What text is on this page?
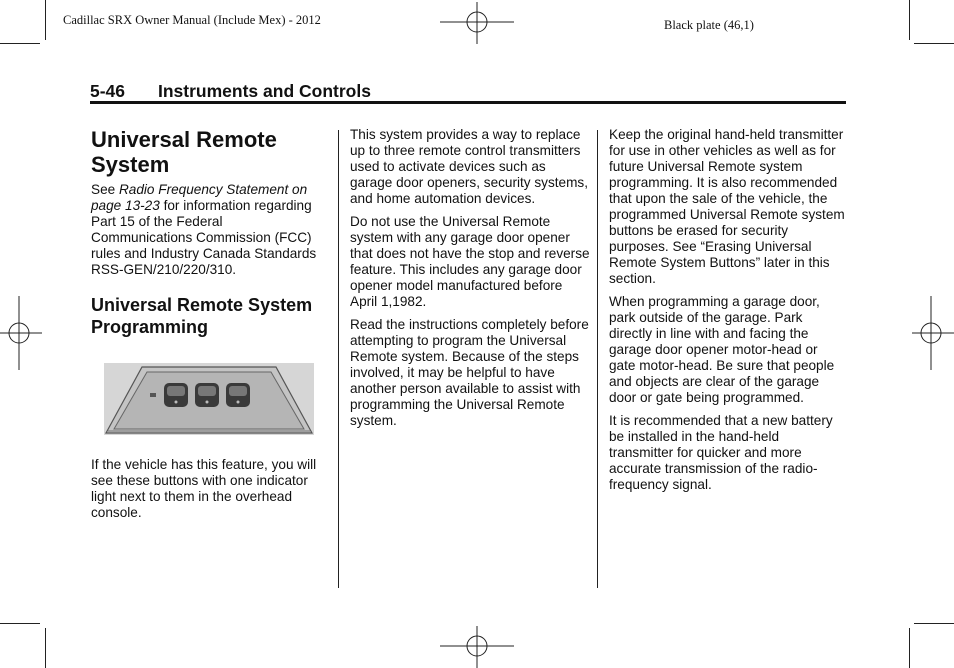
Cadillac SRX Owner Manual (Include Mex) - 2012	Black plate (46,1)
5-46 Instruments and Controls
Universal Remote System

See Radio Frequency Statement on page 13-23 for information regarding Part 15 of the Federal Communications Commission (FCC) rules and Industry Canada Standards RSS-GEN/210/220/310.

Universal Remote System Programming

If the vehicle has this feature, you will see these buttons with one indicator light next to them in the overhead console.

This system provides a way to replace up to three remote control transmitters used to activate devices such as garage door openers, security systems, and home automation devices.

Do not use the Universal Remote system with any garage door opener that does not have the stop and reverse feature. This includes any garage door opener model manufactured before April 1,1982.

Read the instructions completely before attempting to program the Universal Remote system. Because of the steps involved, it may be helpful to have another person available to assist with programming the Universal Remote system.

Keep the original hand-held transmitter for use in other vehicles as well as for future Universal Remote system programming. It is also recommended that upon the sale of the vehicle, the programmed Universal Remote system buttons be erased for security purposes. See “Erasing Universal Remote System Buttons” later in this section.

When programming a garage door, park outside of the garage. Park directly in line with and facing the garage door opener motor-head or gate motor-head. Be sure that people and objects are clear of the garage door or gate being programmed.

It is recommended that a new battery be installed in the hand-held transmitter for quicker and more accurate transmission of the radio-frequency signal.
